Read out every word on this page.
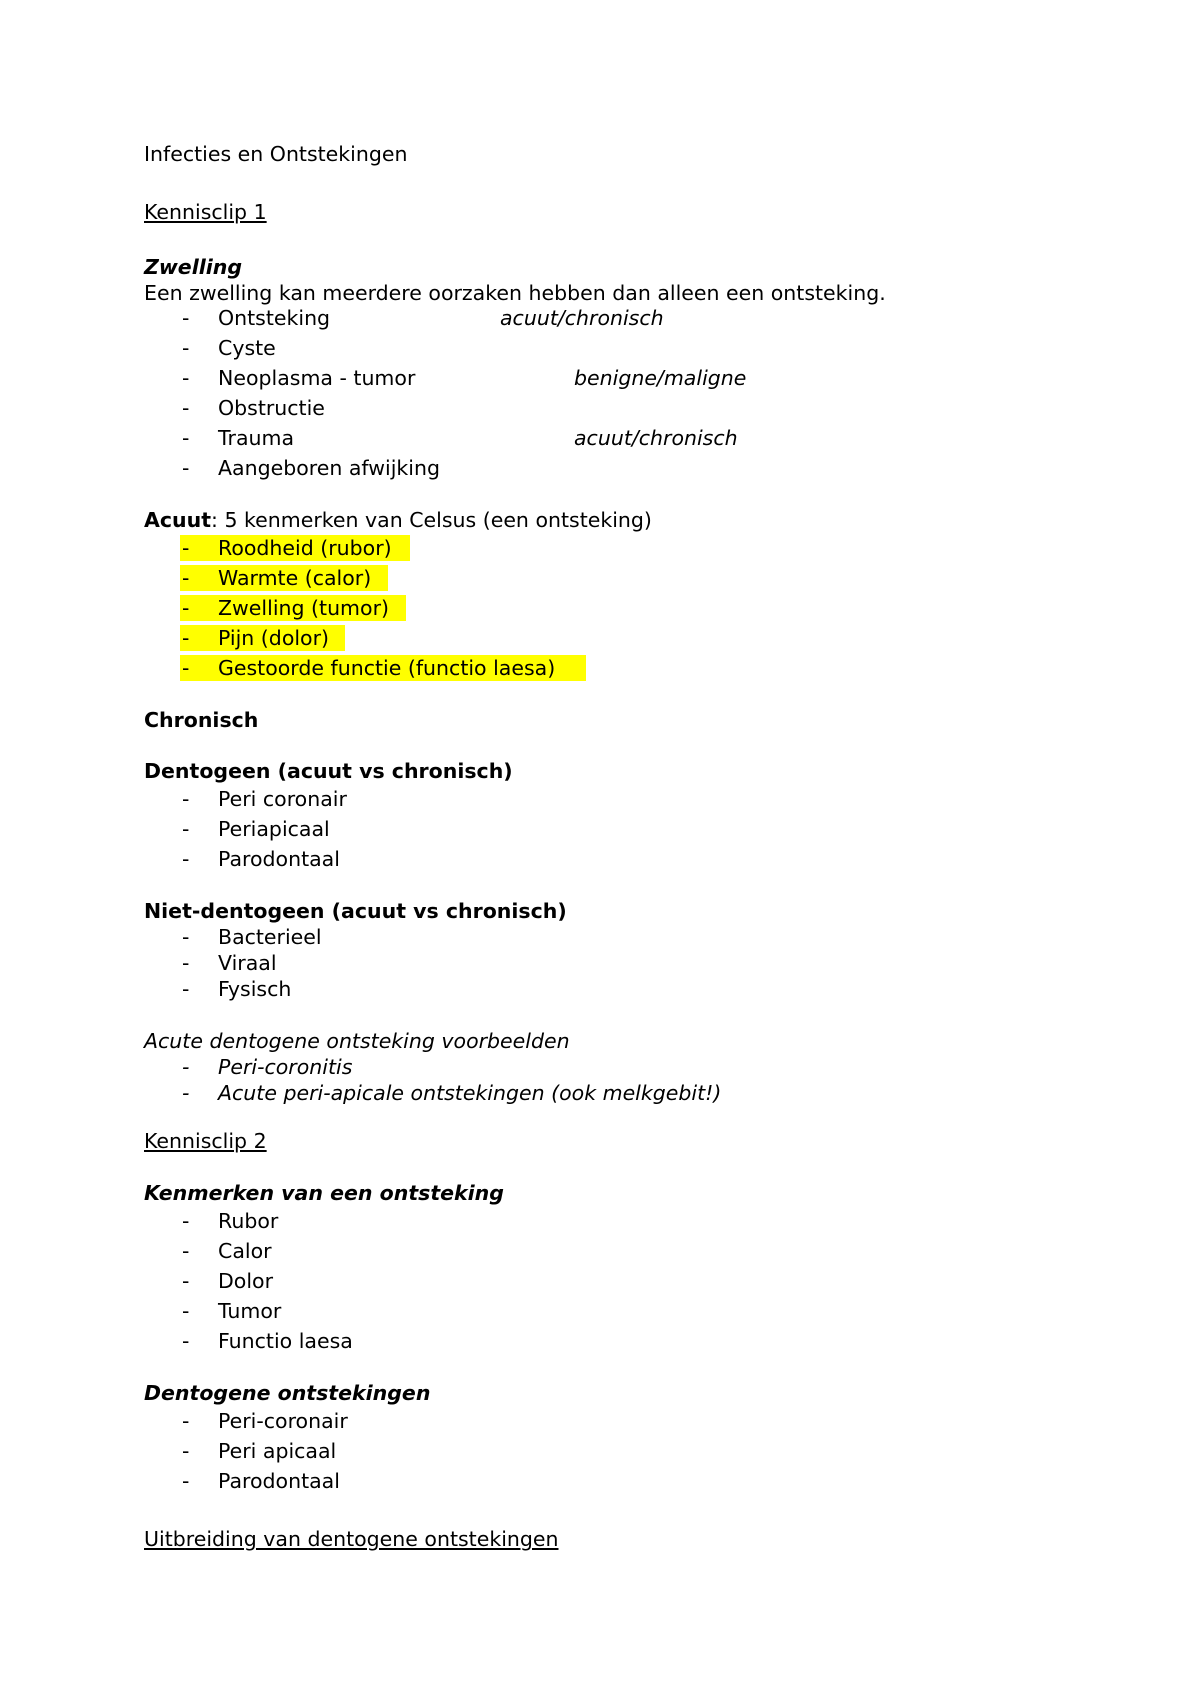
Infecties en Ontstekingen
Kennisclip 1
Zwelling
Een zwelling kan meerdere oorzaken hebben dan alleen een ontsteking.
- Ontsteking	acuut/chronisch
- Cyste
- Neoplasma - tumor	benigne/maligne
- Obstructie
- Trauma	acuut/chronisch
- Aangeboren afwijking
Acuut: 5 kenmerken van Celsus (een ontsteking)
- Roodheid (rubor)
- Warmte (calor)
- Zwelling (tumor)
- Pijn (dolor)
- Gestoorde functie (functio laesa)
Chronisch
Dentogeen (acuut vs chronisch)
- Peri coronair
- Periapicaal
- Parodontaal
Niet-dentogeen (acuut vs chronisch)
- Bacterieel
- Viraal
- Fysisch
Acute dentogene ontsteking voorbeelden
- Peri-coronitis
- Acute peri-apicale ontstekingen (ook melkgebit!)
Kennisclip 2
Kenmerken van een ontsteking
- Rubor
- Calor
- Dolor
- Tumor
- Functio laesa
Dentogene ontstekingen
- Peri-coronair
- Peri apicaal
- Parodontaal
Uitbreiding van dentogene ontstekingen
